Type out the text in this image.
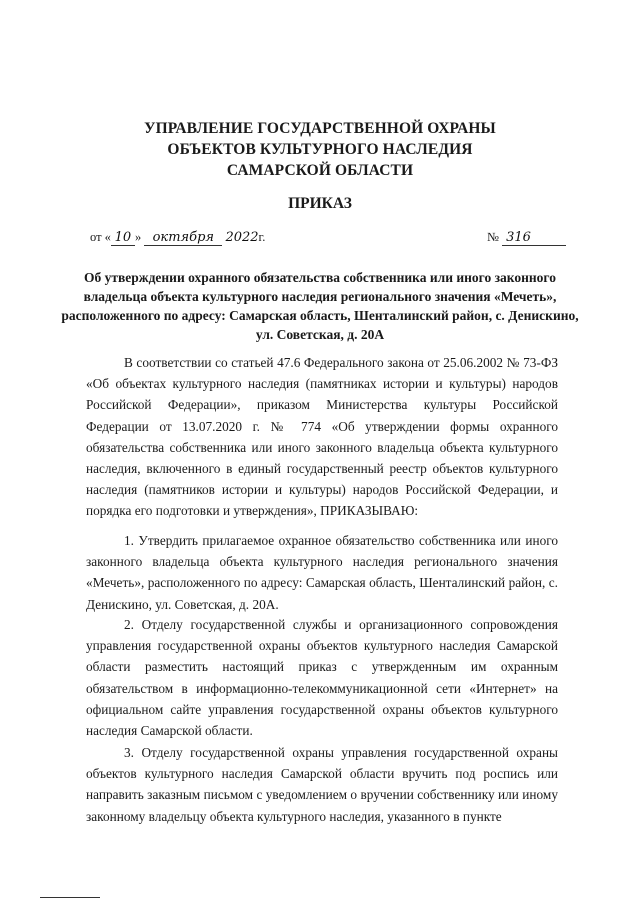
УПРАВЛЕНИЕ ГОСУДАРСТВЕННОЙ ОХРАНЫ
ОБЪЕКТОВ КУЛЬТУРНОГО НАСЛЕДИЯ
САМАРСКОЙ ОБЛАСТИ
ПРИКАЗ
от « 10 » октября 2022г.	№ 316
Об утверждении охранного обязательства собственника или иного законного владельца объекта культурного наследия регионального значения «Мечеть», расположенного по адресу: Самарская область, Шенталинский район, с. Денискино, ул. Советская, д. 20А
В соответствии со статьей 47.6 Федерального закона от 25.06.2002 № 73-ФЗ «Об объектах культурного наследия (памятниках истории и культуры) народов Российской Федерации», приказом Министерства культуры Российской Федерации от 13.07.2020 г. № 774 «Об утверждении формы охранного обязательства собственника или иного законного владельца объекта культурного наследия, включенного в единый государственный реестр объектов культурного наследия (памятников истории и культуры) народов Российской Федерации, и порядка его подготовки и утверждения», ПРИКАЗЫВАЮ:
1. Утвердить прилагаемое охранное обязательство собственника или иного законного владельца объекта культурного наследия регионального значения «Мечеть», расположенного по адресу: Самарская область, Шенталинский район, с. Денискино, ул. Советская, д. 20А.
2. Отделу государственной службы и организационного сопровождения управления государственной охраны объектов культурного наследия Самарской области разместить настоящий приказ с утвержденным им охранным обязательством в информационно-телекоммуникационной сети «Интернет» на официальном сайте управления государственной охраны объектов культурного наследия Самарской области.
3. Отделу государственной охраны управления государственной охраны объектов культурного наследия Самарской области вручить под роспись или направить заказным письмом с уведомлением о вручении собственнику или иному законному владельцу объекта культурного наследия, указанного в пункте
